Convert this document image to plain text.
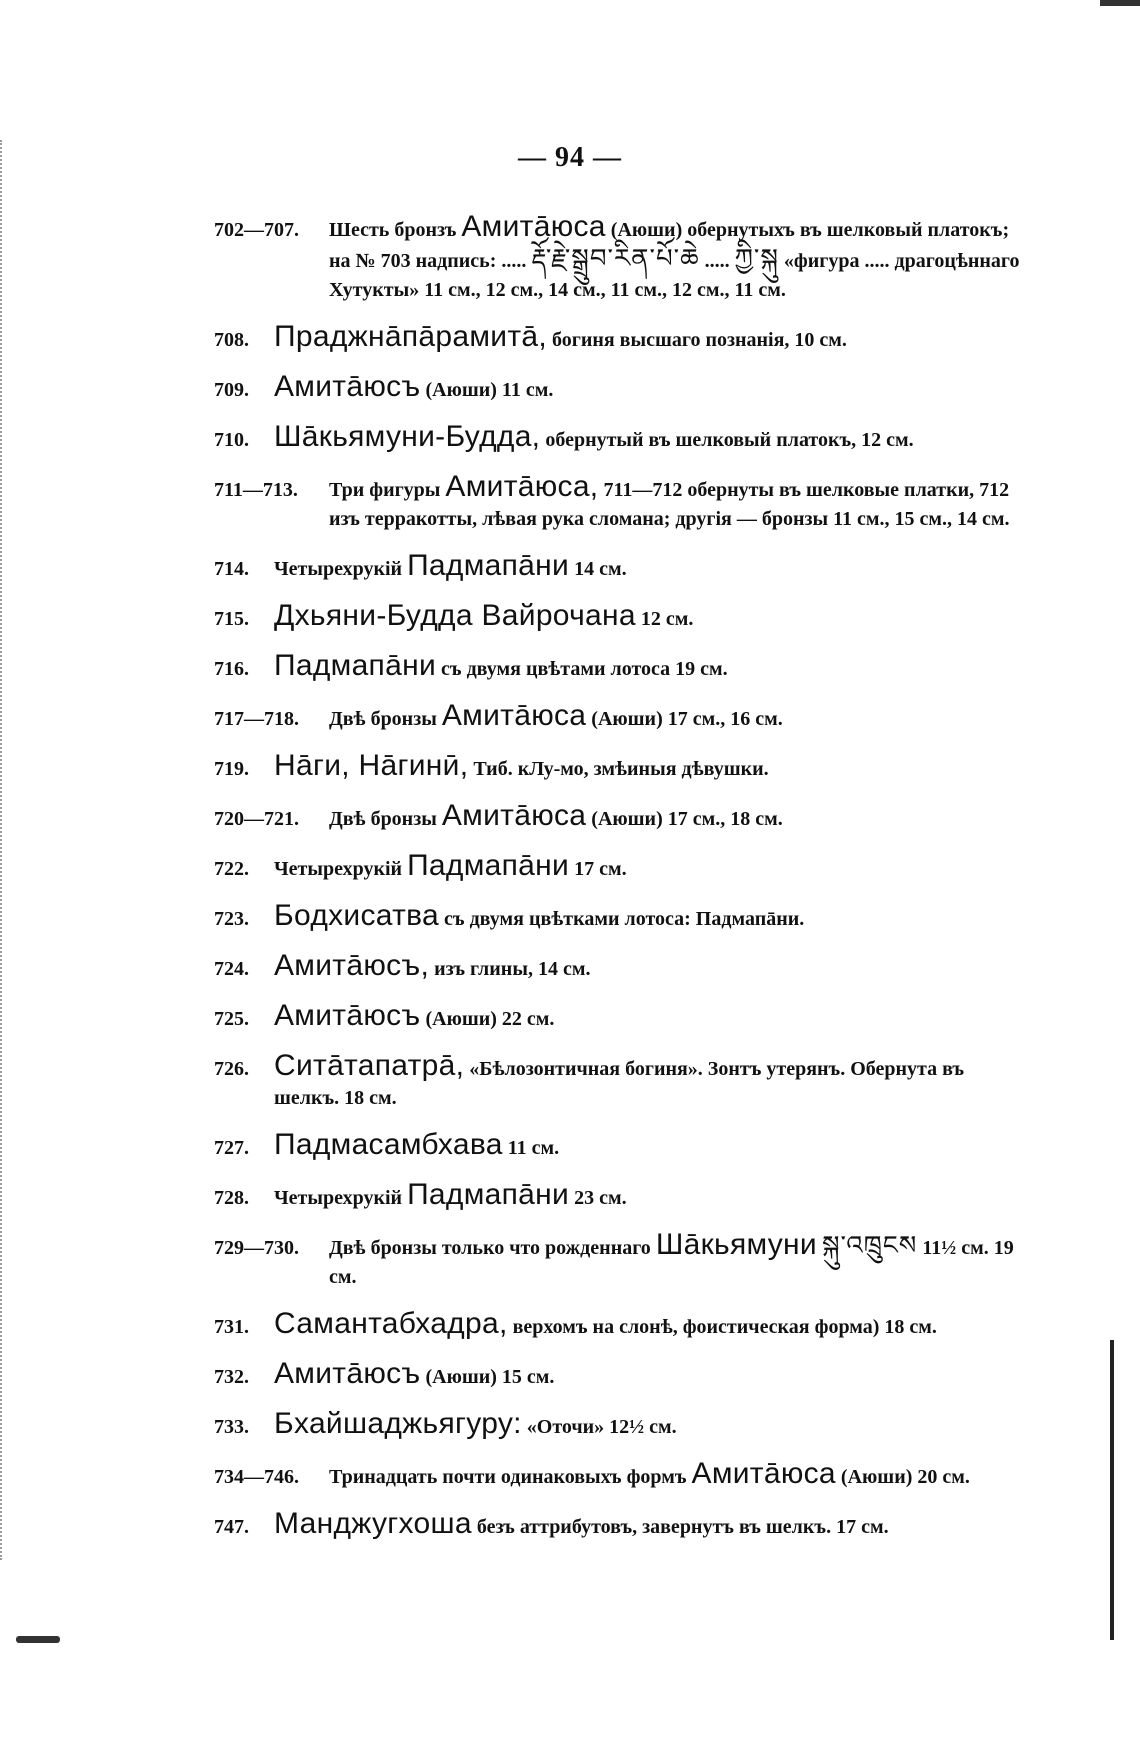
— 94 —
702—707.	Шесть бронзъ Амитāюса (Аюши) обернутыхъ въ шелковый платокъ; на № 703 надпись: ..... རྡོ་རྗེ་སྒྲུབ་རིན་པོ་ཆེ ..... ཀྱི་སྐུ «фигура ..... драгоцѣннаго Хутукты» 11 см., 12 см., 14 см., 11 см., 12 см., 11 см.
708. Праджнāпāрамитā, богиня высшаго познанія, 10 см.
709. Амитāюсъ (Аюши) 11 см.
710. Шāкьямуни-Будда, обернутый въ шелковый платокъ, 12 см.
711—713.	Три фигуры Амитāюса, 711—712 обернуты въ шелковые платки, 712 изъ терракотты, лѣвая рука сломана; другія — бронзы 11 см., 15 см., 14 см.
714.	Четырехрукій Падмапāни 14 см.
715. Дхьяни-Будда Вайрочана 12 см.
716. Падмапāни съ двумя цвѣтами лотоса 19 см.
717—718.	Двѣ бронзы Амитāюса (Аюши) 17 см., 16 см.
719. Нāги, Нāгинӣ, Тиб. кЛу-мо, змѣиныя дѣвушки.
720—721.	Двѣ бронзы Амитāюса (Аюши) 17 см., 18 см.
722.	Четырехрукій Падмапāни 17 см.
723. Бодхисатва съ двумя цвѣтками лотоса: Падмапāни.
724. Амитāюсъ, изъ глины, 14 см.
725. Амитāюсъ (Аюши) 22 см.
726. Ситāтапатрā, «Бѣлозонтичная богиня». Зонтъ утерянъ. Обернута въ шелкъ. 18 см.
727. Падмасамбхава 11 см.
728.	Четырехрукій Падмапāни 23 см.
729—730.	Двѣ бронзы только что рожденнаго Шāкьямуни སྐུ་འཁྲུངས 11½ см. 19 см.
731. Самантабхадра, верхомъ на слонѣ, фоистическая форма) 18 см.
732. Амитāюсъ (Аюши) 15 см.
733. Бхайшаджьягуру: «Оточи» 12½ см.
734—746.	Тринадцать почти одинаковыхъ формъ Амитāюса (Аюши) 20 см.
747. Манджугхоша безъ аттрибутовъ, завернутъ въ шелкъ. 17 см.
